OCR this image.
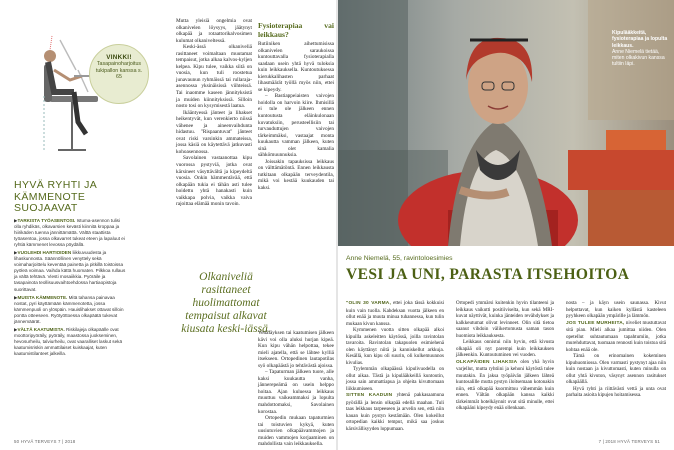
VINKKI!
Tasapainoharjoitus tukipallon kanssa s. 65
HYVÄ RYHTI JA KÄMMENOTE SUOJAAVAT

▶TARKISTA TYÖASENTOSI. Istuma-asennon tulisi olla ryhdikäs, olkavarsien kevästi kiinnitä kroppaa ja hiirikäden tuenna jännittämättä. Välttä staattista työasentoa, jossa olkavarret tukeat eteen ja lapaluut ei ryhtiä kämmenet levossa pöydällä.

▶VUOLEHDI HARTIOIDEN liikkuvuudesta ja lihaskunnosta. Säännöllinen venyttely sekä voimaharjoittelu keventää painetta ja pitkillä toistoissa pyöleä voimaa. Vaihda kättä huomaten. Pilkkoa rullaus ja vältä tehtävä. Viesti mosaiikkia. Pyöräile ja tasapainota teollisuusvaihtoehdossa hartiaopistoja suorittavat.

▶MUISTA KÄMMENOTE. Mitä tahansa painavaa nostat, pyri käyttämään kämmenotetta, jossa kämmenpuoli on ylöspäin. Hauislihakset ottavat silloin pontta otteeseen. Ryötyöttoessa olkapäätä tukevat jännemäärät.

▶VÄLTÄ KAATUMISTA. Riskilajeja olkapäälle ovat moottoripyöräily, pyöräily, maastossa juokseminen, hevosurheilu, talviurheilu, ovat vaaralliset laskut sekä kaatumisriskin ammattilaiset kuiskaajat, kuten kaatumistilanteet jalkeilla.

Mutta yleisiä ongelmia ovat olkanivelen löysyys, jäätynyt olkapää ja rotaattorikalvosimen kulumat olkaniveltessä.

Keski-ässä olkaniveliä rasittaneet voimaltaan muutamat tempaisut, jotka alkaa kalvos-kyljen kelpea. Kipu tulee, vaikka siitä on vuosia, kun tuli roostetua junavaunun ryhmäissä tai rullaraja-asennossa yksinäisissä viihteissä. Tai inaomme kaseen jännityksistä ja muiden kiinnityksissä. Silloin nosto tosi on kysymisestä laatua.

Ikääntyessä jänteet ja lihakset heikentyvät, kun verenkierto niissä vähenee ja aineenvaihdunta hidastuu. "Rispaantuvat" jänteet ovat riski varsinkin ammateissa, jossa käsiä on käytettävä jatkuvasti kohoasennossa.

Savolainen vastaanottaa kipu vuorossa pystyviä, jotka ovat kärsineet väsyttävältä ja kipeydeltä vuosia. Onkin hämmentävää, että olkapään tukia ei tähän asti tulee hoidettu yhtä hanakasti kuin vaikkapa polvia, vaikka vaiva rajoittaa elämää monin tavoin.

Fysioterapiaa vai leikkaus?

Rutiiniken aihettumisissa olkanivelen saraukoissa kuntouttavalla fysioterapialla saadaan usein yhtä hyvä tuloksia kuin leikkauksella. Kuntoutuksessa kierukkalihasten parhaat lihasmäärät työllä myös niin, ettei se kipeydy.

– Bastiappeiaisten vaivojen hoidolla on harvoin kiire. Ihmisillä ei tule ole jälkeen ennen kuntoutusta eläinkulonaan kuvatuksiin, perusteellisiin tai turvauduttujen vaivojen tärkeimmäksi, vastaajat monta kuukautta vamman jälkeen, kuten sinä olet kamalia sähkömuunnuksia.

Joissakin tapauksissa leikkaus on välttämätöntä. Ennen leikkausta tutkitaan olkapään terveydentila, mikä voi kestää kuukauden tai kaksi.

Olkaniveliä rasittaneet huolimattomat tempaisut alkavat kiusata keski-iässä.

Venäläyksen tai kaatumisen jälkeen kävi voi olla aluksi hurjan kipeä. Kun kipu vähän helpottaa, tekee mieli ajatella, että se lähtee kylliä itsekseen. Ortopedinen lautapotilas syö olkapäästä jo tehtävästä ajoissa.

– Tapaturman jälkeen tuore, alle kaksi kuukautta vanha, jännerepeämä on usein helppo hoitaa. Ajan kuluessa leikkaus muuttuu vaikeammaksi ja lopulta mahdottomaksi, Savolainen korostaa.

Ortopedin mukaan tapaturmien tai toistuvien kykyä, kuten uusiutuvien olkapäävammojen ja muiden vammojen korjaaminen on mahdollista vain leikkauksella.

50 HYVÄ TERVEYS 7 | 2018
Kipulääkkeitä, fysioterapiaa ja lopulta leikkaus.
Anne Niemelä tietää, miten olkakivun kanssa tultiin läpi.
Anne Niemelä, 55, ravintoloesimies
VESI JA UNI, PARASTA ITSEHOITOA

"OLIN 30 VARMA, ettei joka tässä kokkuisi kuin vain tuolla. Kahdeksan vuotta jälkeen en ollut enää ja muuta minua tuhannessa, kun tulin mukaan kivun kanssa.

Kymmenen vuotta sitten olkapää alkoi kipuilla askeleitten käytössä, joilla ravintolan tavaroita. Ravintolan takapuolen esimiehenä olen käyttänyt niitä ja kanniskellut arkkuja. Kesällä, kun kipu oli suurin, oli kulkemuunnos kivulias.

Tyylemmän olkapäässä kipulivuodella on ollut aikaa. Tästä ja kipulääkkeillä kuntoutin, jossa sain ammattiapua ja ohjeita kivuttomaan liikkumiseen.

SITTEN KAADUIN yhtenä pakkasaamuna pyörällä ja lensin olkapää edellä maahan. Tuli taas leikkaus tarpeeseen ja arvelin sen, että niin kauan kuin pystyn kestämään. Olen kokeillut ortopedian kaikki temput, mikä saa joskus kärsivällisyyden loppumaan.

Ortopedi ymmärsi kuitenkin hyvin tilanteeni ja leikkaus vaikutti positiiviselta, kun sekä MRI-kuvat näyttivät, kuinka jänteiden revähdykset ja kalkkeutumat olivat levinneet. Olin sitä tietoa saanut vihdoin välikertomusta saman tason huomiota leikkauksesta.

Leikkaus onnistui niin hyvin, että kivusta olkapää oli nyt parempi kuin leikkauksen jälkeenkin. Kuntoutuminen vei vuoden.

OLKAPÄIDEN LIHAKSIA olen yhä hyvin varjellut, mutta ryhtiini ja kehoni käytöstä tulee muutakin. En jaksa työpäivän jälkeen lähteä kuntosalille mutta pystyn iloitsemaan kotonakin niin, että olkapää kuormittuu vähemmän kuin ennen. Vältän olkapään kanssa kaikki tärkeimmät hotelkäynnit ovat sitä minulle, ettei olkapääni kipeydy enää ollenkaan.

nosta – ja käyn usein saunassa. Kivut helpottavat, kun kaiken kyllästä kasteleen pyyhkeen olkapään ympärille ja lämmön.

JOS TULEE MURHEITA, niveliet mustuttavat sitä pian. Mieli alkaa jumittaa niiden. Olen opetellut suhtautumaan tapahtumiin, jotka murehduttavat, tuomaan rennosti kuin toistoa sitä kohtaa enää ole.

Tämä on erinomainen kokeminen kipuhuomiossa. Olen varmasti pystynyt ajaa niin kuin nostaan ja kivuttomasti, kuten minulla on ollut yhtä kivuton, väsynyt asennon rasitukset olkapäällä.

Hyvä ryhti ja riittävästi vettä ja unta ovat parhaita asioita kipujen hoitamisessa.

7 | 2018 HYVÄ TERVEYS 51
